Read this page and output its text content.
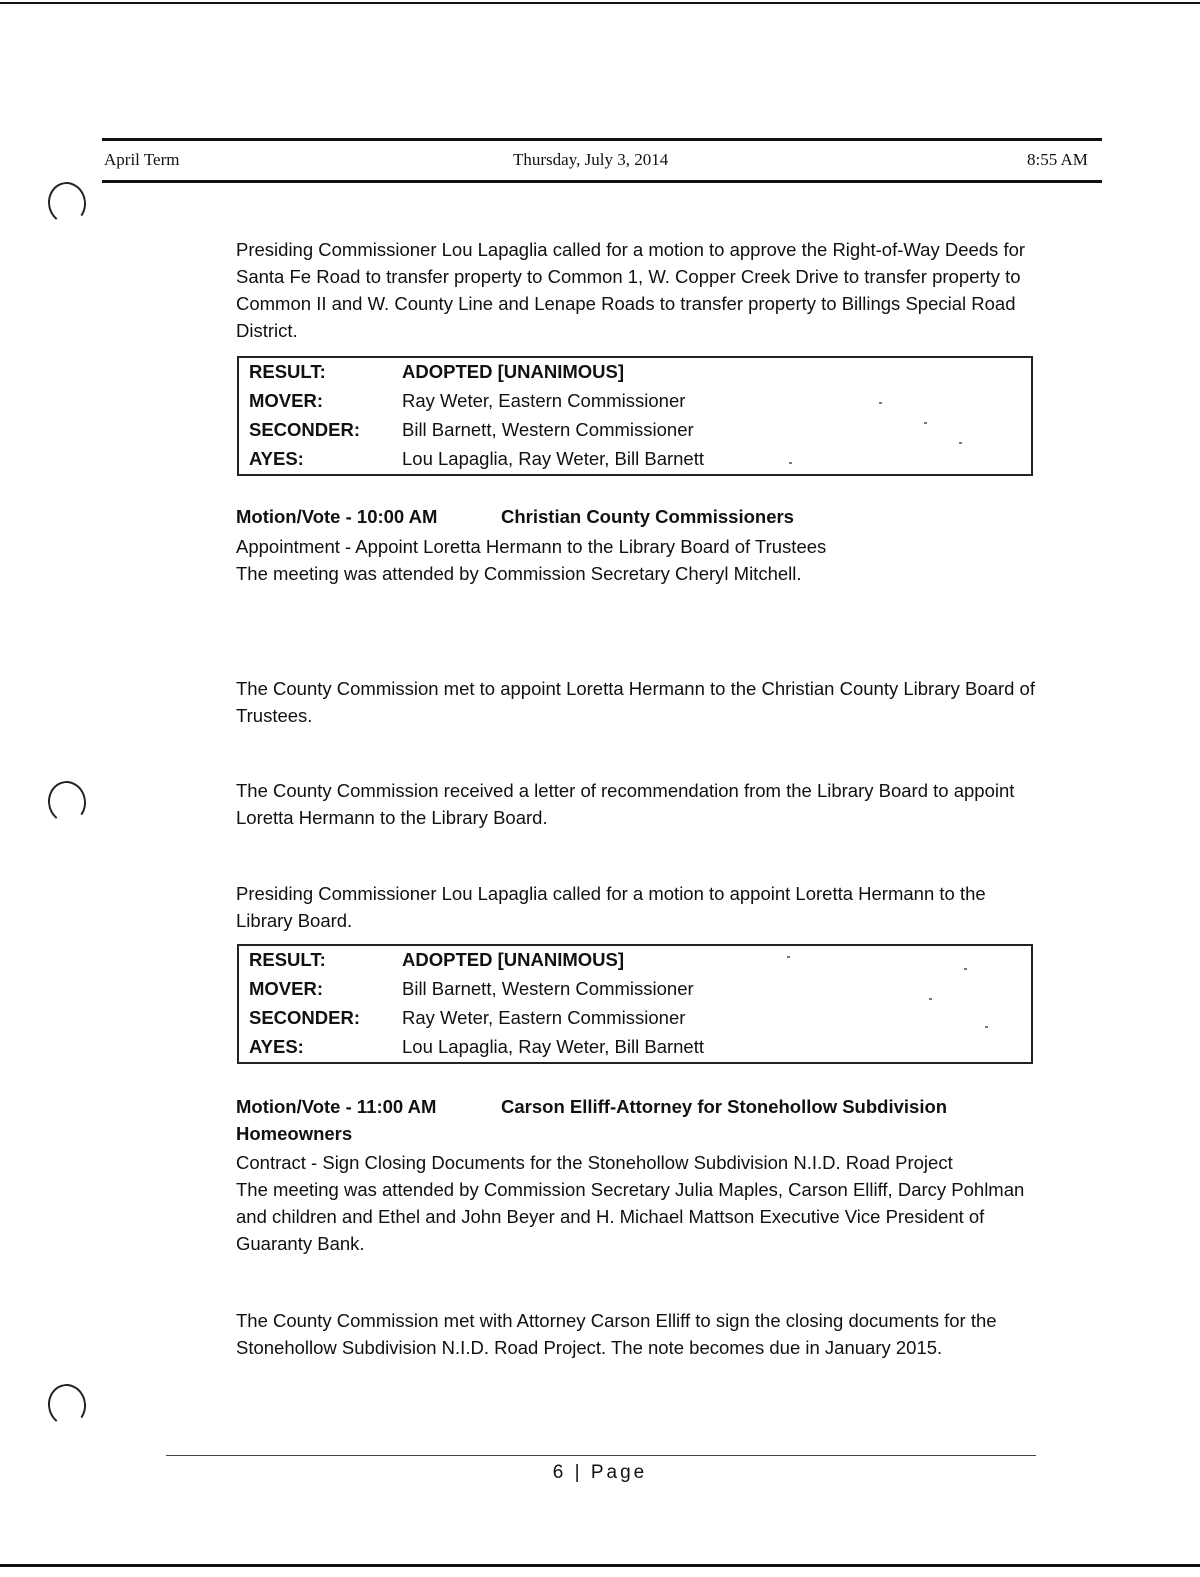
April Term	Thursday, July 3, 2014	8:55 AM

Presiding Commissioner Lou Lapaglia called for a motion to approve the Right-of-Way Deeds for Santa Fe Road to transfer property to Common 1, W. Copper Creek Drive to transfer property to Common II and W. County Line and Lenape Roads to transfer property to Billings Special Road District.

RESULT:	ADOPTED [UNANIMOUS]
MOVER:	Ray Weter, Eastern Commissioner
SECONDER: Bill Barnett, Western Commissioner
AYES:	Lou Lapaglia, Ray Weter, Bill Barnett
Motion/Vote - 10:00 AM	Christian County Commissioners

Appointment - Appoint Loretta Hermann to the Library Board of Trustees

The meeting was attended by Commission Secretary Cheryl Mitchell.

The County Commission met to appoint Loretta Hermann to the Christian County Library Board of Trustees.

The County Commission received a letter of recommendation from the Library Board to appoint Loretta Hermann to the Library Board.

Presiding Commissioner Lou Lapaglia called for a motion to appoint Loretta Hermann to the Library Board.

RESULT:	ADOPTED [UNANIMOUS]
MOVER:	Bill Barnett, Western Commissioner
SECONDER: Ray Weter, Eastern Commissioner
AYES:	Lou Lapaglia, Ray Weter, Bill Barnett
Motion/Vote - 11:00 AM	Carson Elliff-Attorney for Stonehollow Subdivision
Homeowners

Contract - Sign Closing Documents for the Stonehollow Subdivision N.I.D. Road Project

The meeting was attended by Commission Secretary Julia Maples, Carson Elliff, Darcy Pohlman and children and Ethel and John Beyer and H. Michael Mattson Executive Vice President of Guaranty Bank.

The County Commission met with Attorney Carson Elliff to sign the closing documents for the Stonehollow Subdivision N.I.D. Road Project. The note becomes due in January 2015.

6 | Page
